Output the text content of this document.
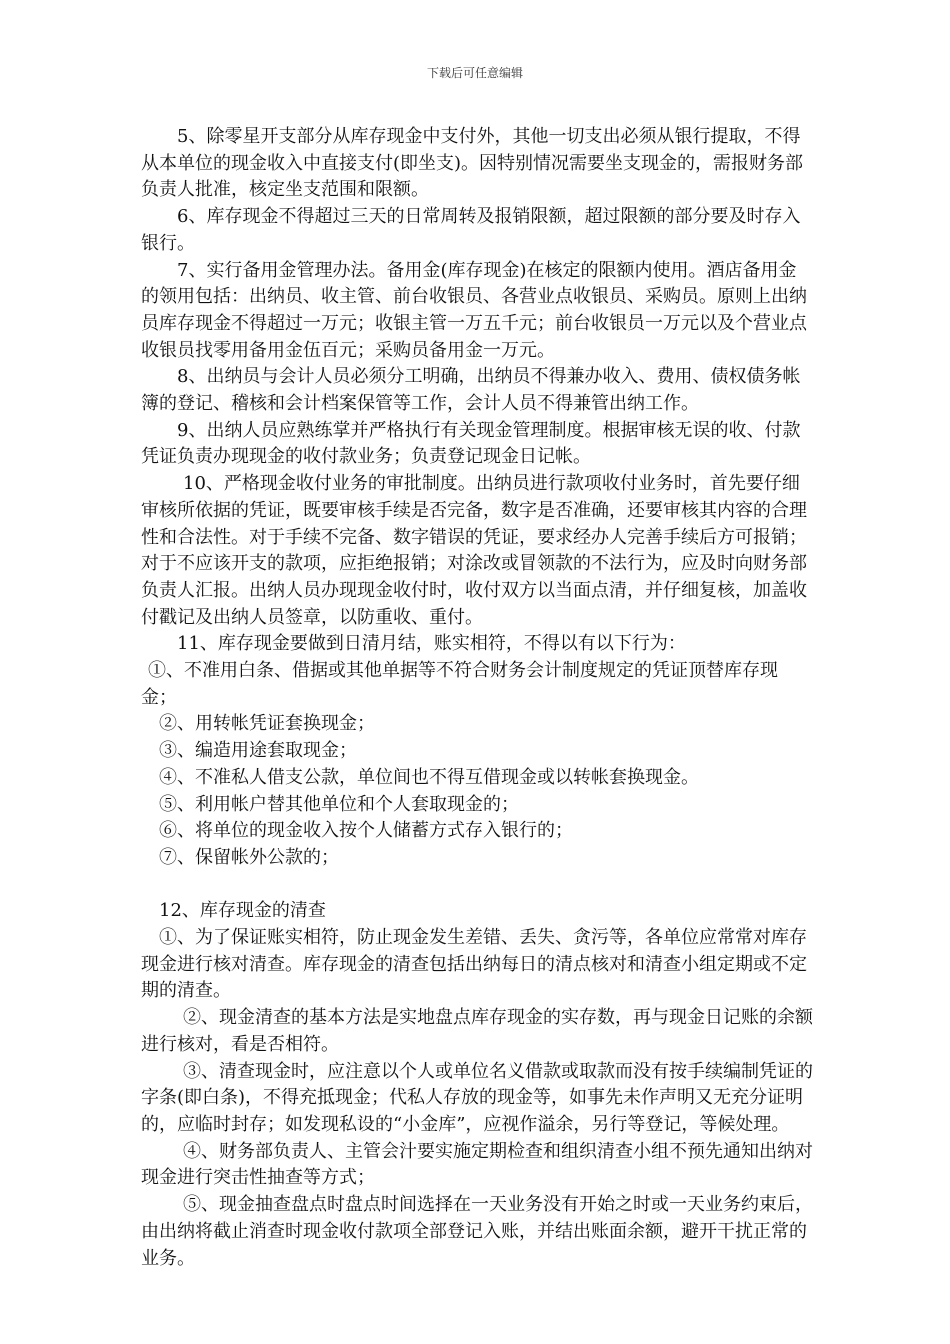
下载后可任意编辑

5、除零星开支部分从库存现金中支付外，其他一切支出必须从银行提取，不得从本单位的现金收入中直接支付(即坐支)。因特别情况需要坐支现金的，需报财务部负责人批准，核定坐支范围和限额。

6、库存现金不得超过三天的日常周转及报销限额，超过限额的部分要及时存入银行。

7、实行备用金管理办法。备用金(库存现金)在核定的限额内使用。酒店备用金的领用包括：出纳员、收主管、前台收银员、各营业点收银员、采购员。原则上出纳员库存现金不得超过一万元；收银主管一万五千元；前台收银员一万元以及个营业点收银员找零用备用金伍百元；采购员备用金一万元。

8、出纳员与会计人员必须分工明确，出纳员不得兼办收入、费用、债权债务帐簿的登记、稽核和会计档案保管等工作，会计人员不得兼管出纳工作。

9、出纳人员应熟练掌并严格执行有关现金管理制度。根据审核无误的收、付款凭证负责办现现金的收付款业务；负责登记现金日记帐。

10、严格现金收付业务的审批制度。出纳员进行款项收付业务时，首先要仔细审核所依据的凭证，既要审核手续是否完备，数字是否准确，还要审核其内容的合理性和合法性。对于手续不完备、数字错误的凭证，要求经办人完善手续后方可报销；对于不应该开支的款项，应拒绝报销；对涂改或冒领款的不法行为，应及时向财务部负责人汇报。出纳人员办现现金收付时，收付双方以当面点清，并仔细复核，加盖收付戳记及出纳人员签章，以防重收、重付。

11、库存现金要做到日清月结，账实相符，不得以有以下行为：

①、不准用白条、借据或其他单据等不符合财务会计制度规定的凭证顶替库存现金；

②、用转帐凭证套换现金；

③、编造用途套取现金；

④、不准私人借支公款，单位间也不得互借现金或以转帐套换现金。

⑤、利用帐户替其他单位和个人套取现金的；

⑥、将单位的现金收入按个人储蓄方式存入银行的；

⑦、保留帐外公款的；

12、库存现金的清查

①、为了保证账实相符，防止现金发生差错、丢失、贪污等，各单位应常常对库存现金进行核对清查。库存现金的清查包括出纳每日的清点核对和清查小组定期或不定期的清查。

②、现金清查的基本方法是实地盘点库存现金的实存数，再与现金日记账的余额进行核对，看是否相符。

③、清查现金时，应注意以个人或单位名义借款或取款而没有按手续编制凭证的字条(即白条)，不得充抵现金；代私人存放的现金等，如事先未作声明又无充分证明的，应临时封存；如发现私设的“小金库”，应视作溢余，另行等登记，等候处理。

④、财务部负责人、主管会汁要实施定期检查和组织清查小组不预先通知出纳对现金进行突击性抽查等方式；

⑤、现金抽查盘点时盘点时间选择在一天业务没有开始之时或一天业务约束后，由出纳将截止消查时现金收付款项全部登记入账，并结出账面余额，避开干扰正常的业务。
